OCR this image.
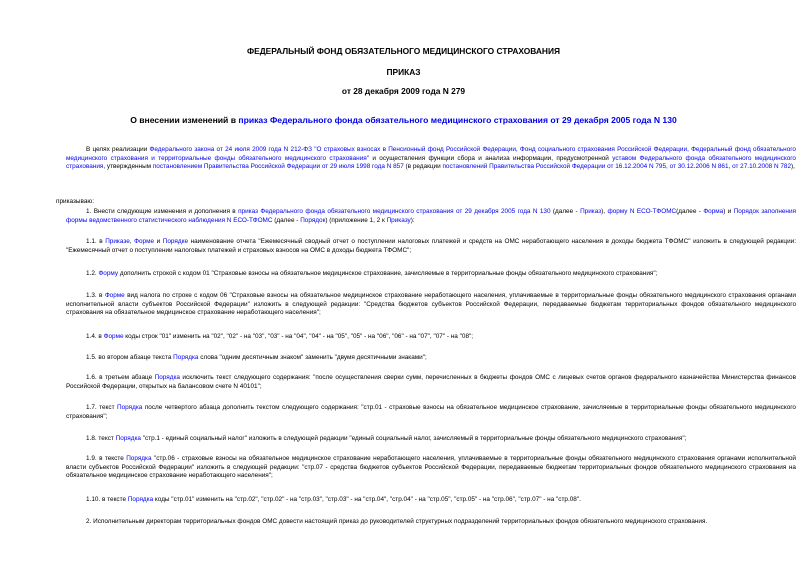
ФЕДЕРАЛЬНЫЙ ФОНД ОБЯЗАТЕЛЬНОГО МЕДИЦИНСКОГО СТРАХОВАНИЯ
ПРИКАЗ
от 28 декабря 2009 года N 279
О внесении изменений в приказ Федерального фонда обязательного медицинского страхования от 29 декабря 2005 года N 130
В целях реализации Федерального закона от 24 июля 2009 года N 212-ФЗ "О страховых взносах в Пенсионный фонд Российской Федерации, Фонд социального страхования Российской Федерации, Федеральный фонд обязательного медицинского страхования и территориальные фонды обязательного медицинского страхования" и осуществления функции сбора и анализа информации, предусмотренной уставом Федерального фонда обязательного медицинского страхования, утвержденным постановлением Правительства Российской Федерации от 29 июля 1998 года N 857 (в редакции постановлений Правительства Российской Федерации от 16.12.2004 N 795, от 30.12.2006 N 861, от 27.10.2008 N 782),
приказываю:
1. Внести следующие изменения и дополнения в приказ Федерального фонда обязательного медицинского страхования от 29 декабря 2005 года N 130 (далее - Приказ), форму N ЕСО-ТФОМС(далее - Форма) и Порядок заполнения формы ведомственного статистического наблюдения N ЕСО-ТФОМС (далее - Порядок) (приложение 1, 2 к Приказу):
1.1. в Приказе, Форме и Порядке наименование отчета "Ежемесячный сводный отчет о поступлении налоговых платежей и средств на ОМС неработающего населения в доходы бюджета ТФОМС" изложить в следующей редакции: "Ежемесячный отчет о поступлении налоговых платежей и страховых взносов на ОМС в доходы бюджета ТФОМС";
1.2. Форму дополнить строкой с кодом 01 "Страховые взносы на обязательное медицинское страхование, зачисляемые в территориальные фонды обязательного медицинского страхования";
1.3. в Форме вид налога по строке с кодом 06 "Страховые взносы на обязательное медицинское страхование неработающего населения, уплачиваемые в территориальные фонды обязательного медицинского страхования органами исполнительной власти субъектов Российской Федерации" изложить в следующей редакции: "Средства бюджетов субъектов Российской Федерации, передаваемые бюджетам территориальных фондов обязательного медицинского страхования на обязательное медицинское страхование неработающего населения";
1.4. в Форме коды строк "01" изменить на "02", "02" - на "03", "03" - на "04", "04" - на "05", "05" - на "06", "06" - на "07", "07" - на "08";
1.5. во втором абзаце текста Порядка слова "одним десятичным знаком" заменить "двумя десятичными знаками";
1.6. в третьем абзаце Порядка исключить текст следующего содержания: "после осуществления сверки сумм, перечисленных в бюджеты фондов ОМС с лицевых счетов органов федерального казначейства Министерства финансов Российской Федерации, открытых на балансовом счете N 40101";
1.7. текст Порядка после четвертого абзаца дополнить текстом следующего содержания: "стр.01 - страховые взносы на обязательное медицинское страхование, зачисляемые в территориальные фонды обязательного медицинского страхования";
1.8. текст Порядка "стр.1 - единый социальный налог" изложить в следующей редакции "единый социальный налог, зачисляемый в территориальные фонды обязательного медицинского страхования";
1.9. в тексте Порядка "стр.06 - страховые взносы на обязательное медицинское страхование неработающего населения, уплачиваемые в территориальные фонды обязательного медицинского страхования органами исполнительной власти субъектов Российской Федерации" изложить в следующей редакции: "стр.07 - средства бюджетов субъектов Российской Федерации, передаваемые бюджетам территориальных фондов обязательного медицинского страхования на обязательное медицинское страхование неработающего населения";
1.10. в тексте Порядка коды "стр.01" изменить на "стр.02", "стр.02" - на "стр.03", "стр.03" - на "стр.04", "стр.04" - на "стр.05", "стр.05" - на "стр.06", "стр.07" - на "стр.08".
2. Исполнительным директорам территориальных фондов ОМС довести настоящий приказ до руководителей структурных подразделений территориальных фондов обязательного медицинского страхования.
